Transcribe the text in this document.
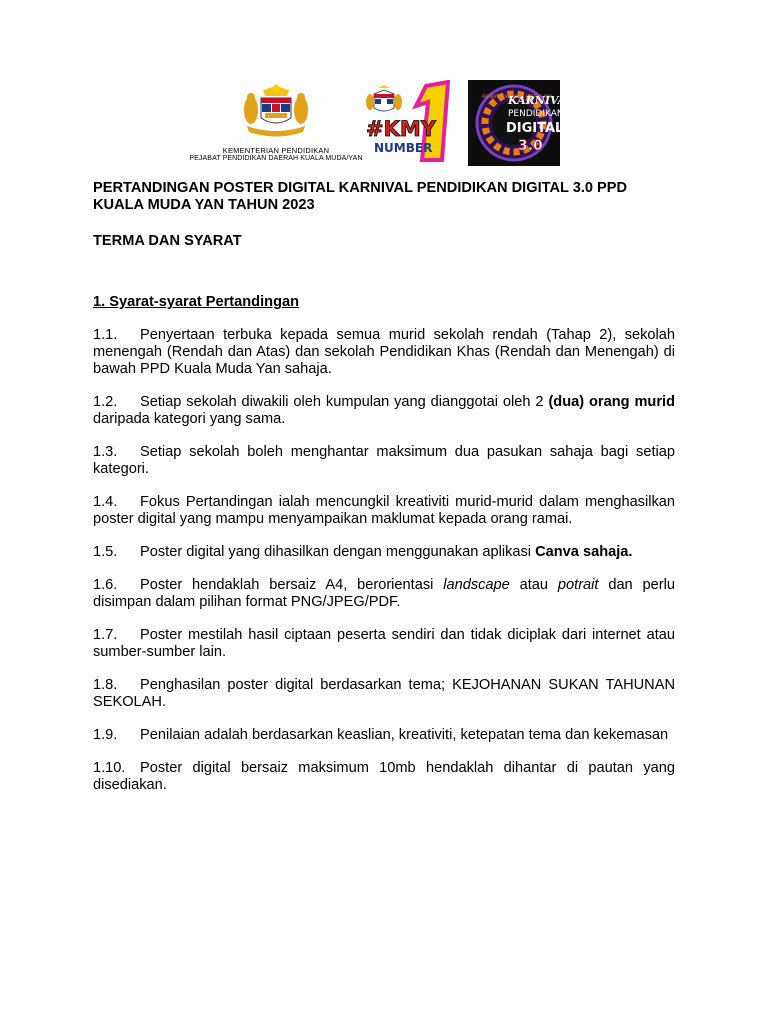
KEMENTERIAN PENDIDIKAN
PEJABAT PENDIDIKAN DAERAH KUALA MUDA/YAN
#KMY
NUMBER
1
PEJABAT PENDIDIKAN DAERAH KMY
KARNIV
PENDIDIKAN
DIGITAL
3.0

PERTANDINGAN POSTER DIGITAL KARNIVAL PENDIDIKAN DIGITAL 3.0 PPD KUALA MUDA YAN TAHUN 2023

TERMA DAN SYARAT

1. Syarat-syarat Pertandingan

1.1. Penyertaan terbuka kepada semua murid sekolah rendah (Tahap 2), sekolah menengah (Rendah dan Atas) dan sekolah Pendidikan Khas (Rendah dan Menengah) di bawah PPD Kuala Muda Yan sahaja.

1.2. Setiap sekolah diwakili oleh kumpulan yang dianggotai oleh 2 (dua) orang murid daripada kategori yang sama.

1.3. Setiap sekolah boleh menghantar maksimum dua pasukan sahaja bagi setiap kategori.

1.4. Fokus Pertandingan ialah mencungkil kreativiti murid-murid dalam menghasilkan poster digital yang mampu menyampaikan maklumat kepada orang ramai.

1.5. Poster digital yang dihasilkan dengan menggunakan aplikasi Canva sahaja.

1.6. Poster hendaklah bersaiz A4, berorientasi landscape atau potrait dan perlu disimpan dalam pilihan format PNG/JPEG/PDF.

1.7. Poster mestilah hasil ciptaan peserta sendiri dan tidak diciplak dari internet atau sumber-sumber lain.

1.8. Penghasilan poster digital berdasarkan tema; KEJOHANAN SUKAN TAHUNAN SEKOLAH.

1.9. Penilaian adalah berdasarkan keaslian, kreativiti, ketepatan tema dan kekemasan

1.10. Poster digital bersaiz maksimum 10mb hendaklah dihantar di pautan yang disediakan.
